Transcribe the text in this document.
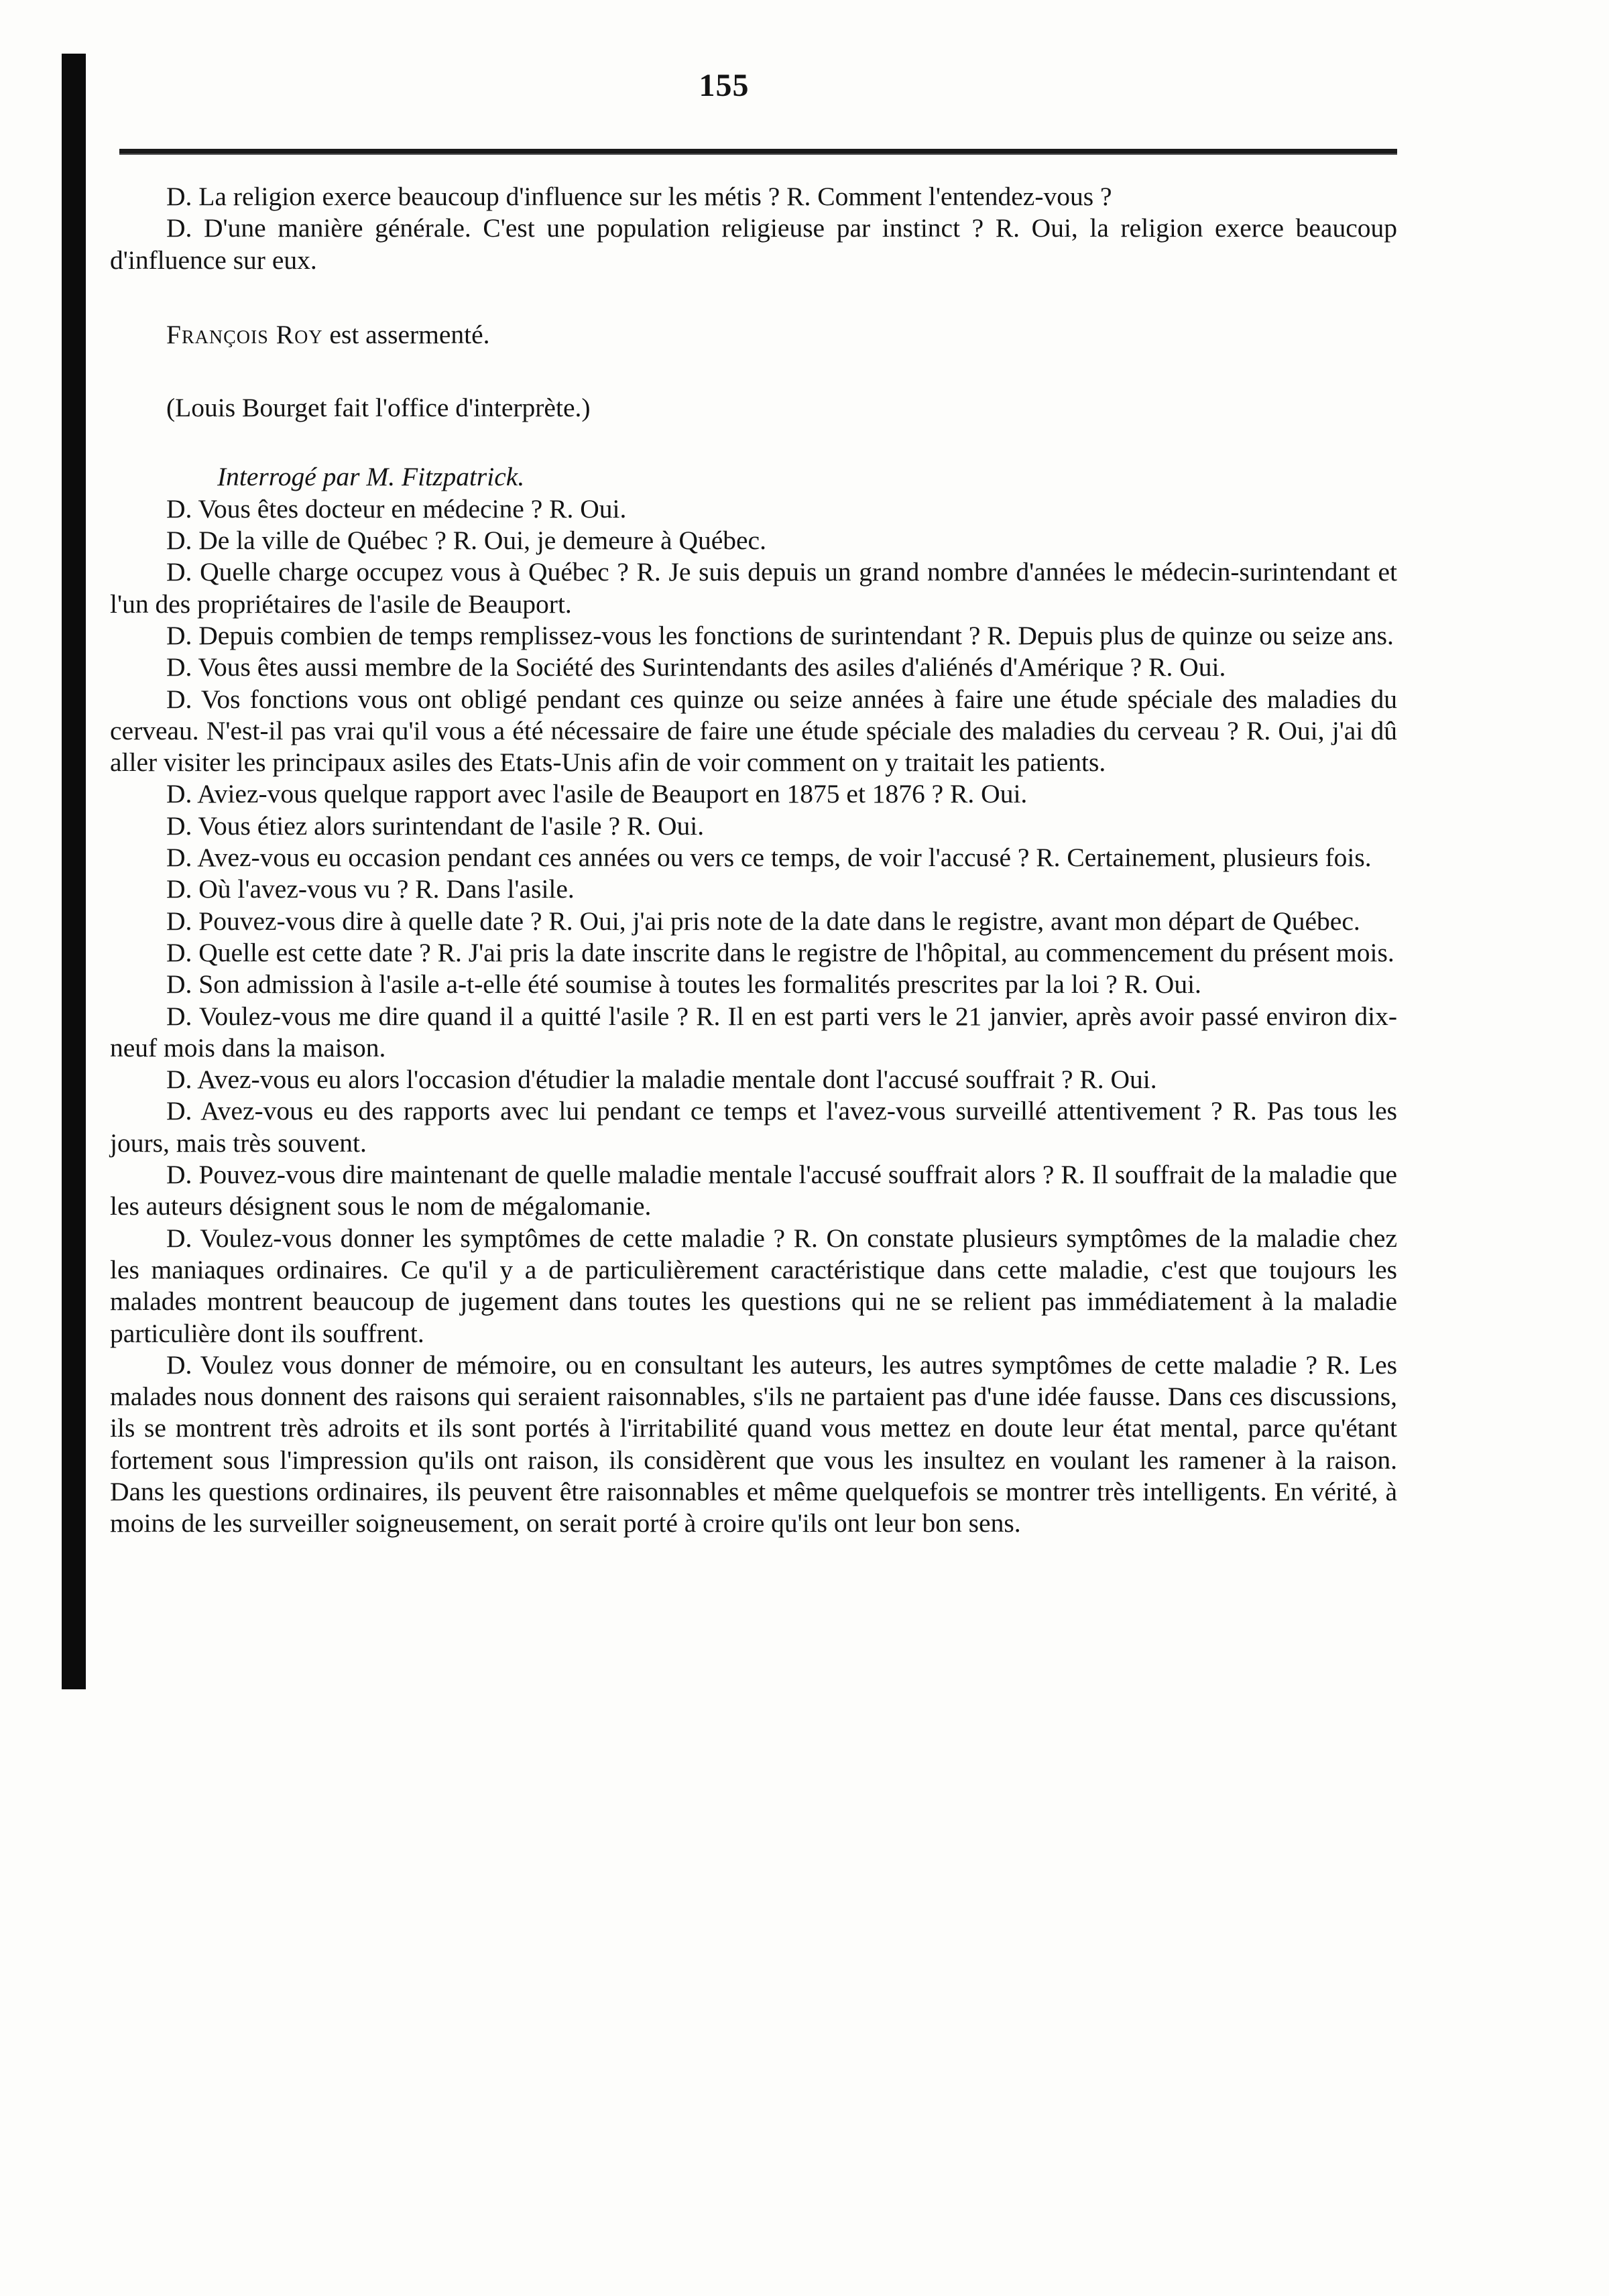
155

D. La religion exerce beaucoup d'influence sur les métis ? R. Comment l'entendez-vous ?

D. D'une manière générale. C'est une population religieuse par instinct ? R. Oui, la religion exerce beaucoup d'influence sur eux.

François Roy est assermenté.

(Louis Bourget fait l'office d'interprète.)

Interrogé par M. Fitzpatrick.

D. Vous êtes docteur en médecine ? R. Oui.

D. De la ville de Québec ? R. Oui, je demeure à Québec.

D. Quelle charge occupez vous à Québec ? R. Je suis depuis un grand nombre d'années le médecin-surintendant et l'un des propriétaires de l'asile de Beauport.

D. Depuis combien de temps remplissez-vous les fonctions de surintendant ? R. Depuis plus de quinze ou seize ans.

D. Vous êtes aussi membre de la Société des Surintendants des asiles d'aliénés d'Amérique ? R. Oui.

D. Vos fonctions vous ont obligé pendant ces quinze ou seize années à faire une étude spéciale des maladies du cerveau. N'est-il pas vrai qu'il vous a été nécessaire de faire une étude spéciale des maladies du cerveau ? R. Oui, j'ai dû aller visiter les principaux asiles des Etats-Unis afin de voir comment on y traitait les patients.

D. Aviez-vous quelque rapport avec l'asile de Beauport en 1875 et 1876 ? R. Oui.

D. Vous étiez alors surintendant de l'asile ? R. Oui.

D. Avez-vous eu occasion pendant ces années ou vers ce temps, de voir l'accusé ? R. Certainement, plusieurs fois.

D. Où l'avez-vous vu ? R. Dans l'asile.

D. Pouvez-vous dire à quelle date ? R. Oui, j'ai pris note de la date dans le registre, avant mon départ de Québec.

D. Quelle est cette date ? R. J'ai pris la date inscrite dans le registre de l'hôpital, au commencement du présent mois.

D. Son admission à l'asile a-t-elle été soumise à toutes les formalités prescrites par la loi ? R. Oui.

D. Voulez-vous me dire quand il a quitté l'asile ? R. Il en est parti vers le 21 janvier, après avoir passé environ dix-neuf mois dans la maison.

D. Avez-vous eu alors l'occasion d'étudier la maladie mentale dont l'accusé souffrait ? R. Oui.

D. Avez-vous eu des rapports avec lui pendant ce temps et l'avez-vous surveillé attentivement ? R. Pas tous les jours, mais très souvent.

D. Pouvez-vous dire maintenant de quelle maladie mentale l'accusé souffrait alors ? R. Il souffrait de la maladie que les auteurs désignent sous le nom de mégalomanie.

D. Voulez-vous donner les symptômes de cette maladie ? R. On constate plusieurs symptômes de la maladie chez les maniaques ordinaires. Ce qu'il y a de particulièrement caractéristique dans cette maladie, c'est que toujours les malades montrent beaucoup de jugement dans toutes les questions qui ne se relient pas immédiatement à la maladie particulière dont ils souffrent.

D. Voulez vous donner de mémoire, ou en consultant les auteurs, les autres symptômes de cette maladie ? R. Les malades nous donnent des raisons qui seraient raisonnables, s'ils ne partaient pas d'une idée fausse. Dans ces discussions, ils se montrent très adroits et ils sont portés à l'irritabilité quand vous mettez en doute leur état mental, parce qu'étant fortement sous l'impression qu'ils ont raison, ils considèrent que vous les insultez en voulant les ramener à la raison. Dans les questions ordinaires, ils peuvent être raisonnables et même quelquefois se montrer très intelligents. En vérité, à moins de les surveiller soigneusement, on serait porté à croire qu'ils ont leur bon sens.
